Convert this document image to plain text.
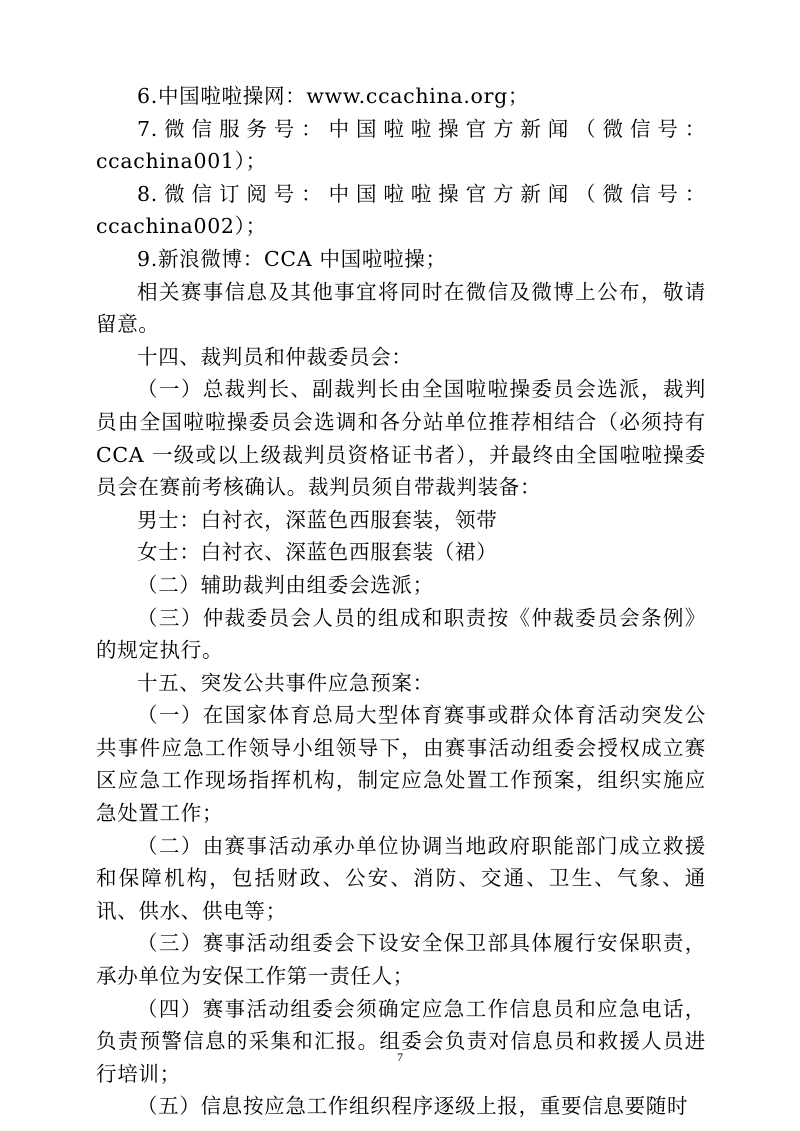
6.中国啦啦操网：www.ccachina.org；

7.微信服务号：中国啦啦操官方新闻（微信号：ccachina001）；

8.微信订阅号：中国啦啦操官方新闻（微信号：ccachina002）；

9.新浪微博：CCA 中国啦啦操；

相关赛事信息及其他事宜将同时在微信及微博上公布，敬请留意。

十四、裁判员和仲裁委员会：

（一）总裁判长、副裁判长由全国啦啦操委员会选派，裁判员由全国啦啦操委员会选调和各分站单位推荐相结合（必须持有CCA 一级或以上级裁判员资格证书者），并最终由全国啦啦操委员会在赛前考核确认。裁判员须自带裁判装备：

男士：白衬衣，深蓝色西服套装，领带

女士：白衬衣、深蓝色西服套装（裙）

（二）辅助裁判由组委会选派；

（三）仲裁委员会人员的组成和职责按《仲裁委员会条例》的规定执行。

十五、突发公共事件应急预案：

（一）在国家体育总局大型体育赛事或群众体育活动突发公共事件应急工作领导小组领导下，由赛事活动组委会授权成立赛区应急工作现场指挥机构，制定应急处置工作预案，组织实施应急处置工作；

（二）由赛事活动承办单位协调当地政府职能部门成立救援和保障机构，包括财政、公安、消防、交通、卫生、气象、通讯、供水、供电等；

（三）赛事活动组委会下设安全保卫部具体履行安保职责，承办单位为安保工作第一责任人；

（四）赛事活动组委会须确定应急工作信息员和应急电话，负责预警信息的采集和汇报。组委会负责对信息员和救援人员进行培训；

（五）信息按应急工作组织程序逐级上报，重要信息要随时

7
